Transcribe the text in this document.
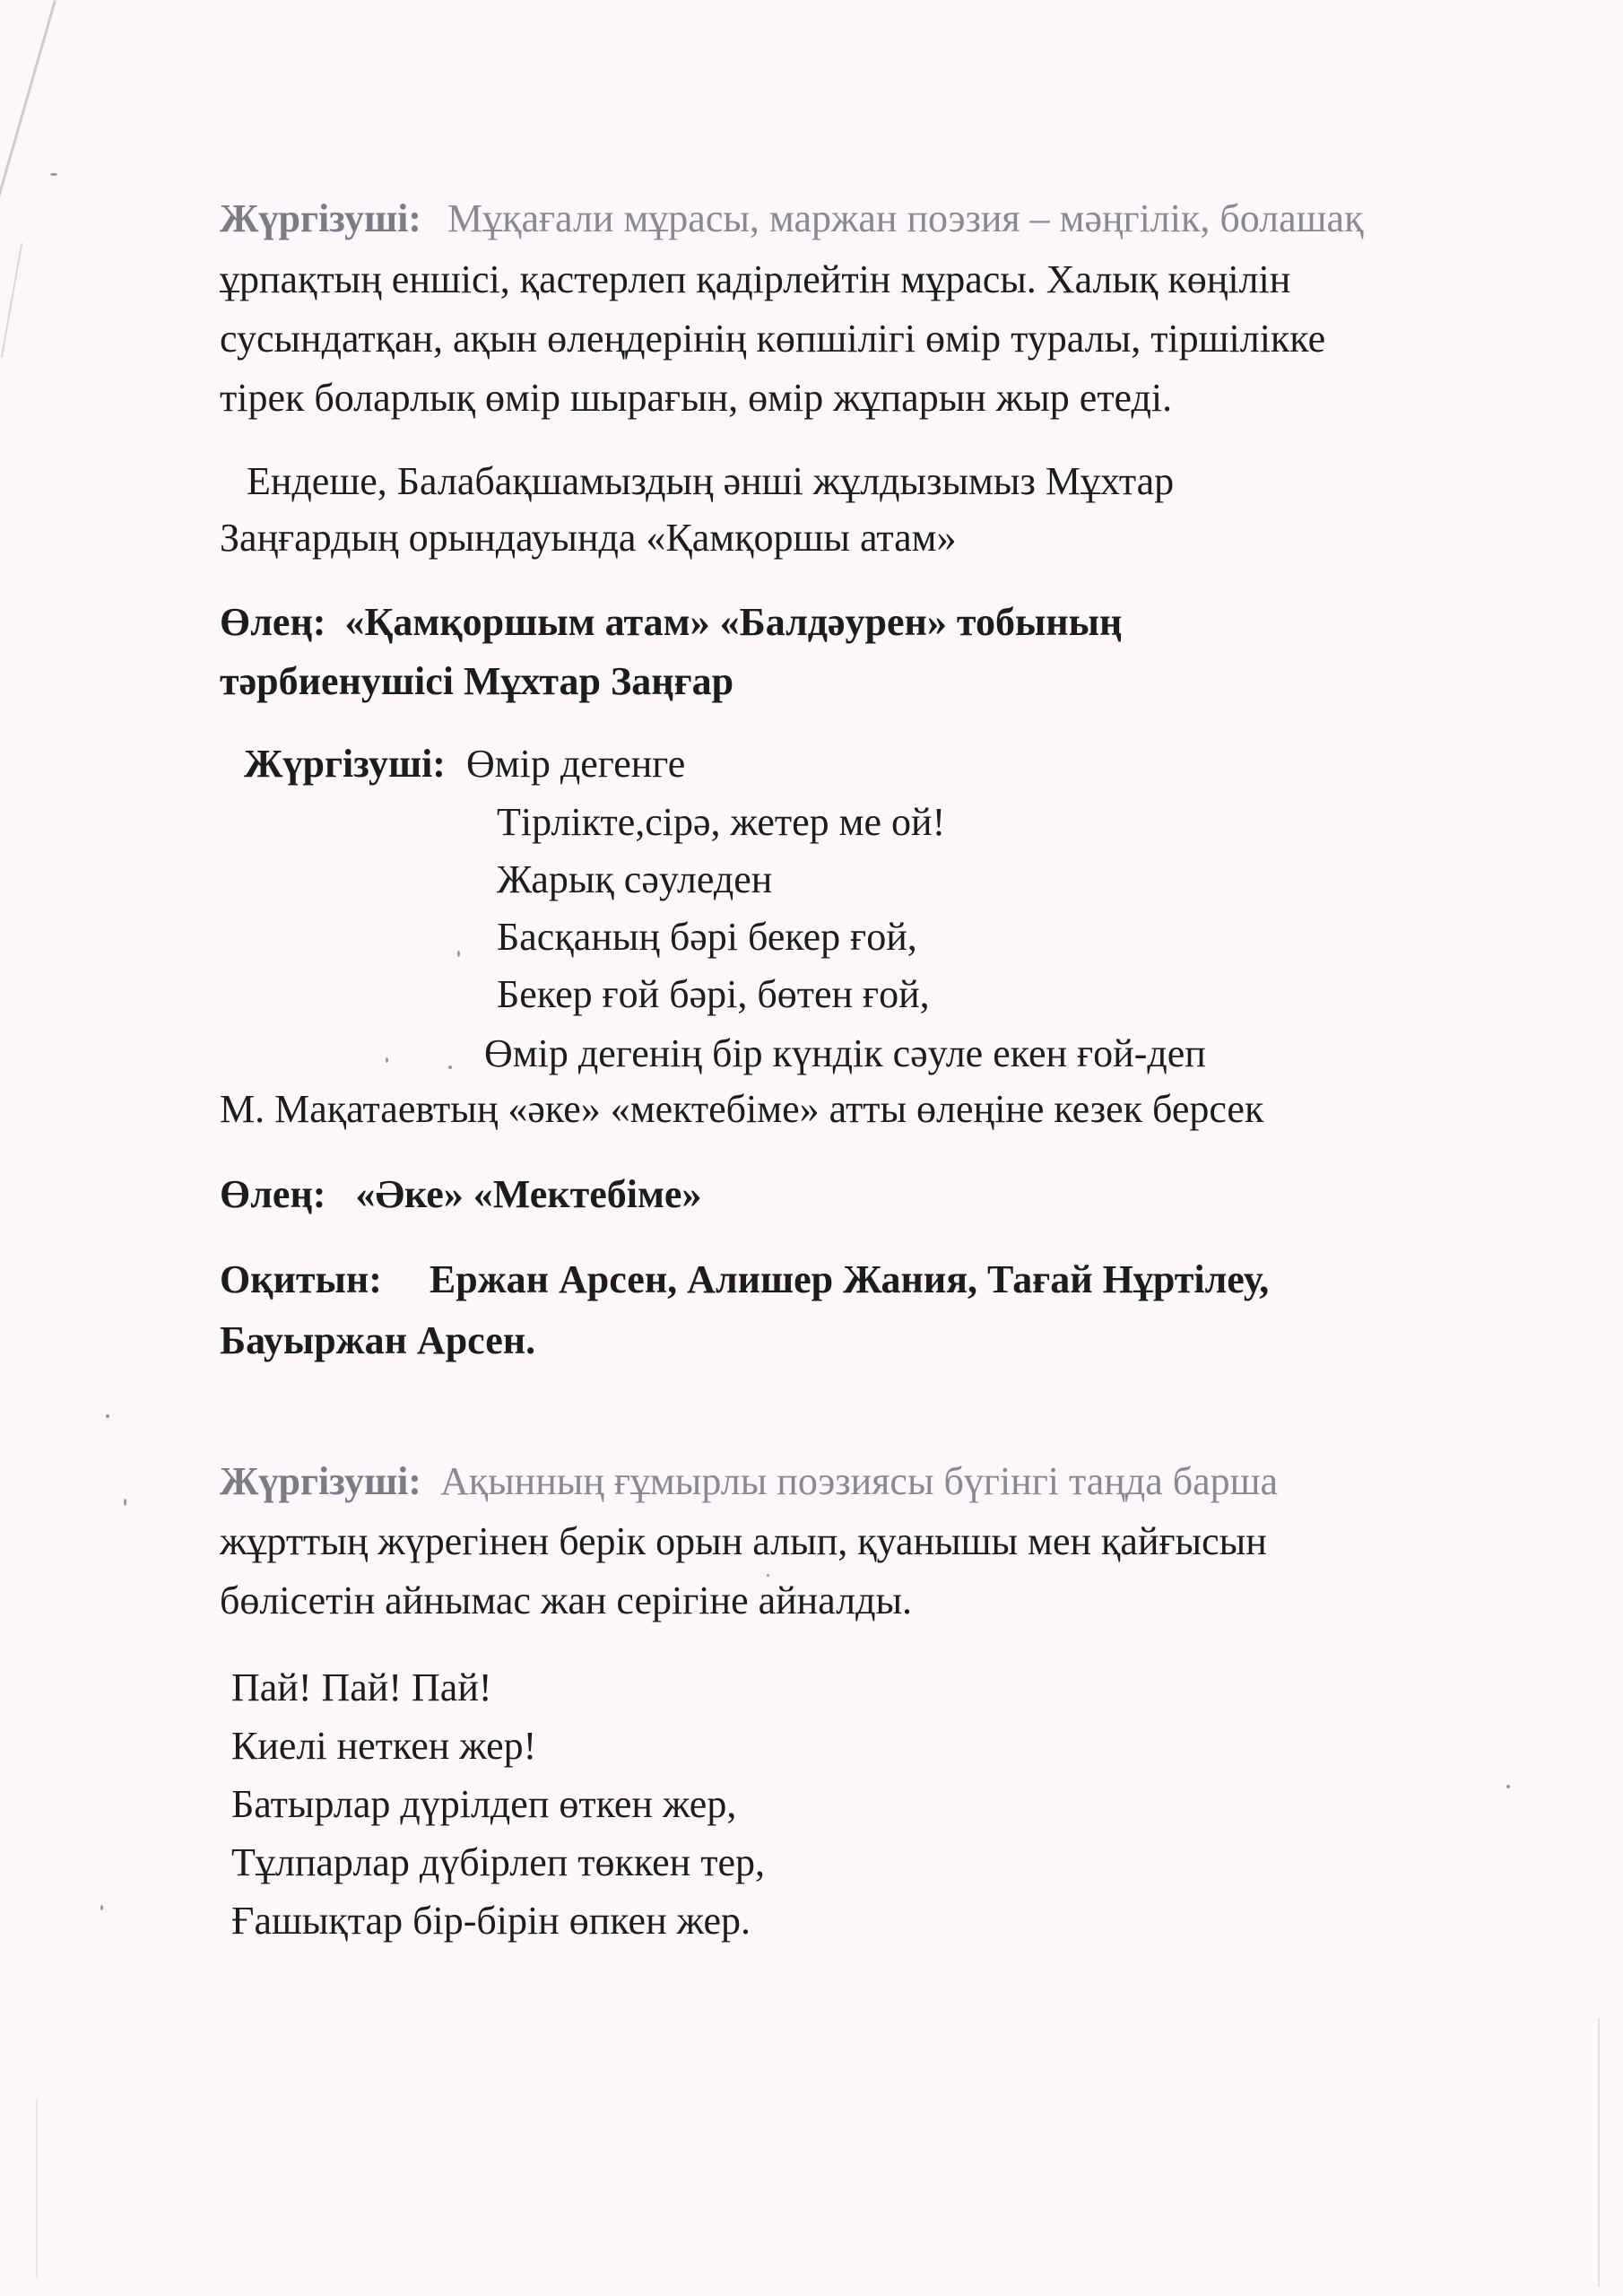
Жүргізуші: Мұқағали мұрасы, маржан поэзия – мәңгілік, болашақ
ұрпақтың еншісі, қастерлеп қадірлейтін мұрасы. Халық көңілін
сусындатқан, ақын өлеңдерінің көпшілігі өмір туралы, тіршілікке
тірек боларлық өмір шырағын, өмір жұпарын жыр етеді.
Ендеше, Балабақшамыздың әнші жұлдызымыз Мұхтар
Заңғардың орындауында «Қамқоршы атам»
Өлең: «Қамқоршым атам» «Балдәурен» тобының
тәрбиенушісі Мұхтар Заңғар
Жүргізуші: Өмір дегенге
Тірлікте,сірә, жетер ме ой!
Жарық сәуледен
Басқаның бәрі бекер ғой,
Бекер ғой бәрі, бөтен ғой,
Өмір дегенің бір күндік сәуле екен ғой-деп
М. Мақатаевтың «әке» «мектебіме» атты өлеңіне кезек берсек
Өлең: «Әке» «Мектебіме»
Оқитын: Ержан Арсен, Алишер Жания, Тағай Нұртілеу,
Бауыржан Арсен.
Жүргізуші: Ақынның ғұмырлы поэзиясы бүгінгі таңда барша
жұрттың жүрегінен берік орын алып, қуанышы мен қайғысын
бөлісетін айнымас жан серігіне айналды.
Пай! Пай! Пай!
Киелі неткен жер!
Батырлар дүрілдеп өткен жер,
Тұлпарлар дүбірлеп төккен тер,
Ғашықтар бір-бірін өпкен жер.
